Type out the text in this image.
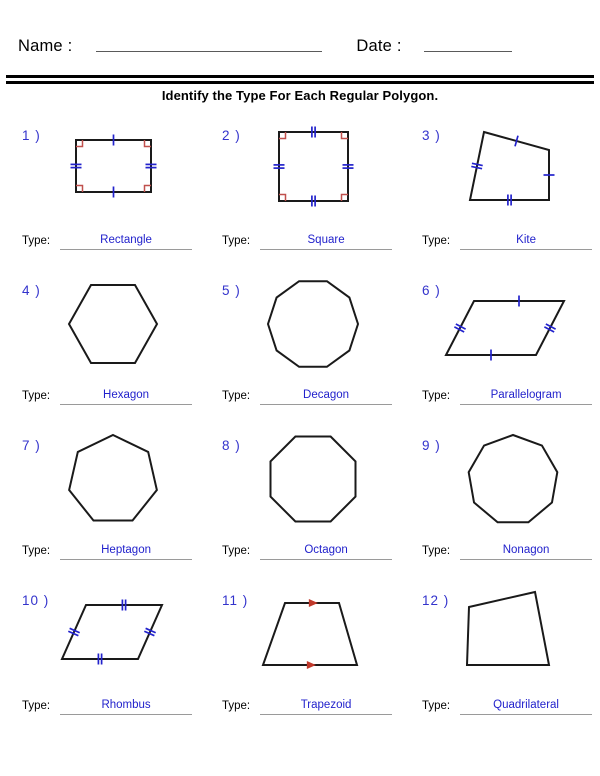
Name :	Date :
Identify the Type For Each Regular Polygon.
1 )
Type:	Rectangle
2 )
Type:	Square
3 )
Type:	Kite
4 )
Type:	Hexagon
5 )
Type:	Decagon
6 )
Type:	Parallelogram
7 )
Type:	Heptagon
8 )
Type:	Octagon
9 )
Type:	Nonagon
10 )
Type:	Rhombus
11 )
Type:	Trapezoid
12 )
Type:	Quadrilateral
